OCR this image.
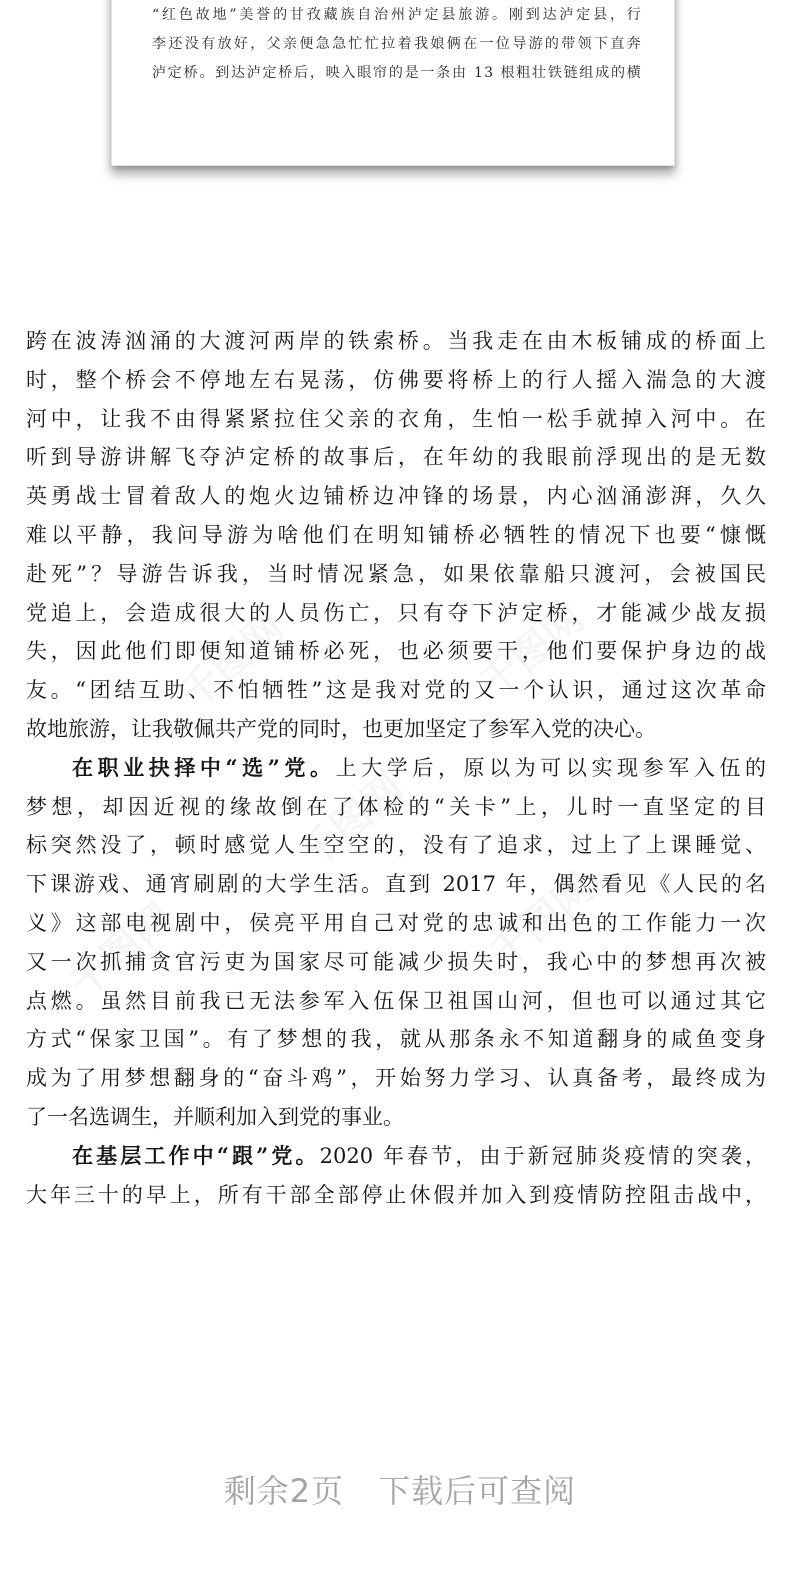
“红色故地”美誉的甘孜藏族自治州泸定县旅游。刚到达泸定县，行
李还没有放好，父亲便急急忙忙拉着我娘俩在一位导游的带领下直奔
泸定桥。到达泸定桥后，映入眼帘的是一条由 13 根粗壮铁链组成的横
跨在波涛汹涌的大渡河两岸的铁索桥。当我走在由木板铺成的桥面上
时，整个桥会不停地左右晃荡，仿佛要将桥上的行人摇入湍急的大渡
河中，让我不由得紧紧拉住父亲的衣角，生怕一松手就掉入河中。在
听到导游讲解飞夺泸定桥的故事后，在年幼的我眼前浮现出的是无数
英勇战士冒着敌人的炮火边铺桥边冲锋的场景，内心汹涌澎湃，久久
难以平静，我问导游为啥他们在明知铺桥必牺牲的情况下也要“慷慨
赴死”？导游告诉我，当时情况紧急，如果依靠船只渡河，会被国民
党追上，会造成很大的人员伤亡，只有夺下泸定桥，才能减少战友损
失，因此他们即便知道铺桥必死，也必须要干，他们要保护身边的战
友。“团结互助、不怕牺牲”这是我对党的又一个认识，通过这次革命
故地旅游，让我敬佩共产党的同时，也更加坚定了参军入党的决心。
在职业抉择中“选”党。上大学后，原以为可以实现参军入伍的
梦想，却因近视的缘故倒在了体检的“关卡”上，儿时一直坚定的目
标突然没了，顿时感觉人生空空的，没有了追求，过上了上课睡觉、
下课游戏、通宵刷剧的大学生活。直到 2017 年，偶然看见《人民的名
义》这部电视剧中，侯亮平用自己对党的忠诚和出色的工作能力一次
又一次抓捕贪官污吏为国家尽可能减少损失时，我心中的梦想再次被
点燃。虽然目前我已无法参军入伍保卫祖国山河，但也可以通过其它
方式“保家卫国”。有了梦想的我，就从那条永不知道翻身的咸鱼变身
成为了用梦想翻身的“奋斗鸡”，开始努力学习、认真备考，最终成为
了一名选调生，并顺利加入到党的事业。
在基层工作中“跟”党。2020 年春节，由于新冠肺炎疫情的突袭，
大年三十的早上，所有干部全部停止休假并加入到疫情防控阻击战中，
剩余2页 下载后可查阅
